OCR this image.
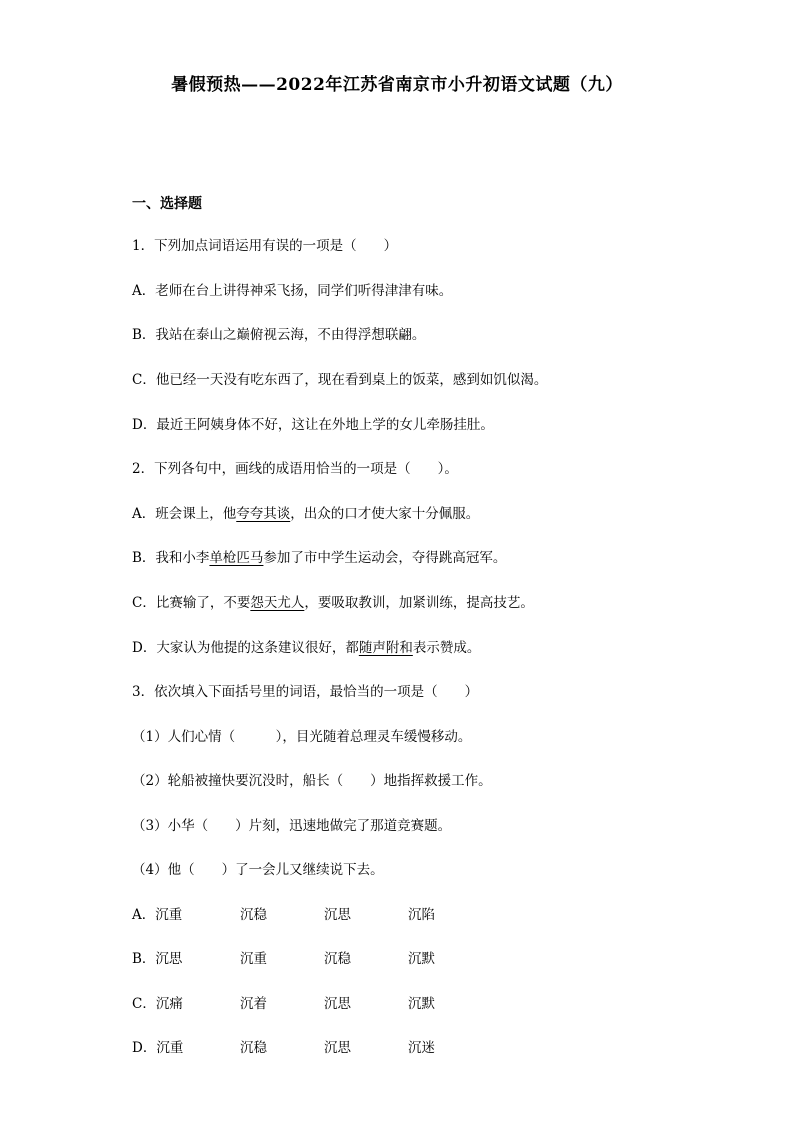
暑假预热——2022年江苏省南京市小升初语文试题（九）
一、选择题
1．下列加点词语运用有误的一项是（　　）
A．老师在台上讲得神采飞扬，同学们听得津津有味。
B．我站在泰山之巅俯视云海，不由得浮想联翩。
C．他已经一天没有吃东西了，现在看到桌上的饭菜，感到如饥似渴。
D．最近王阿姨身体不好，这让在外地上学的女儿牵肠挂肚。
2．下列各句中，画线的成语用恰当的一项是（　　）。
A．班会课上，他夸夸其谈，出众的口才使大家十分佩服。
B．我和小李单枪匹马参加了市中学生运动会，夺得跳高冠军。
C．比赛输了，不要怨天尤人，要吸取教训，加紧训练，提高技艺。
D．大家认为他提的这条建议很好，都随声附和表示赞成。
3．依次填入下面括号里的词语，最恰当的一项是（　　）
（1）人们心情（　　　），目光随着总理灵车缓慢移动。
（2）轮船被撞快要沉没时，船长（　　）地指挥救援工作。
（3）小华（　　）片刻，迅速地做完了那道竞赛题。
（4）他（　　）了一会儿又继续说下去。
A．沉重	沉稳	沉思	沉陷
B．沉思	沉重	沉稳	沉默
C．沉痛	沉着	沉思	沉默
D．沉重	沉稳	沉思	沉迷
